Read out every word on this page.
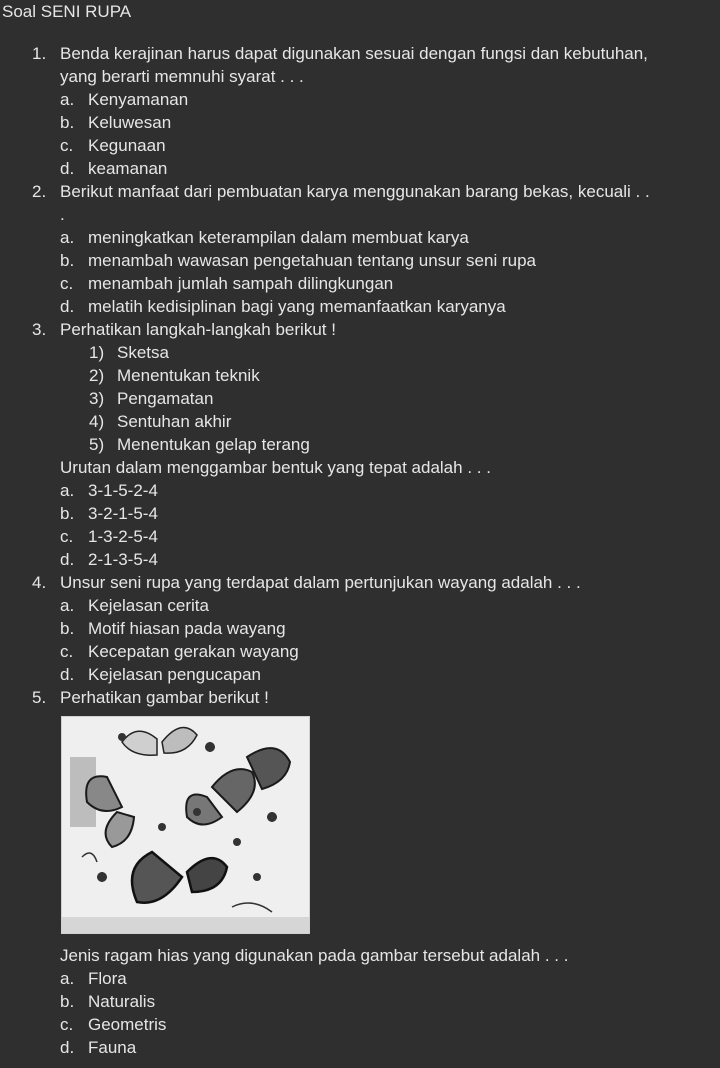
Soal SENI RUPA
1. Benda kerajinan harus dapat digunakan sesuai dengan fungsi dan kebutuhan,
yang berarti memnuhi syarat . . .
a. Kenyamanan
b. Keluwesan
c. Kegunaan
d. keamanan
2. Berikut manfaat dari pembuatan karya menggunakan barang bekas, kecuali . .
.
a. meningkatkan keterampilan dalam membuat karya
b. menambah wawasan pengetahuan tentang unsur seni rupa
c. menambah jumlah sampah dilingkungan
d. melatih kedisiplinan bagi yang memanfaatkan karyanya
3. Perhatikan langkah-langkah berikut !
1) Sketsa
2) Menentukan teknik
3) Pengamatan
4) Sentuhan akhir
5) Menentukan gelap terang
Urutan dalam menggambar bentuk yang tepat adalah . . .
a. 3-1-5-2-4
b. 3-2-1-5-4
c. 1-3-2-5-4
d. 2-1-3-5-4
4. Unsur seni rupa yang terdapat dalam pertunjukan wayang adalah . . .
a. Kejelasan cerita
b. Motif hiasan pada wayang
c. Kecepatan gerakan wayang
d. Kejelasan pengucapan
5. Perhatikan gambar berikut !
Jenis ragam hias yang digunakan pada gambar tersebut adalah . . .
a. Flora
b. Naturalis
c. Geometris
d. Fauna
